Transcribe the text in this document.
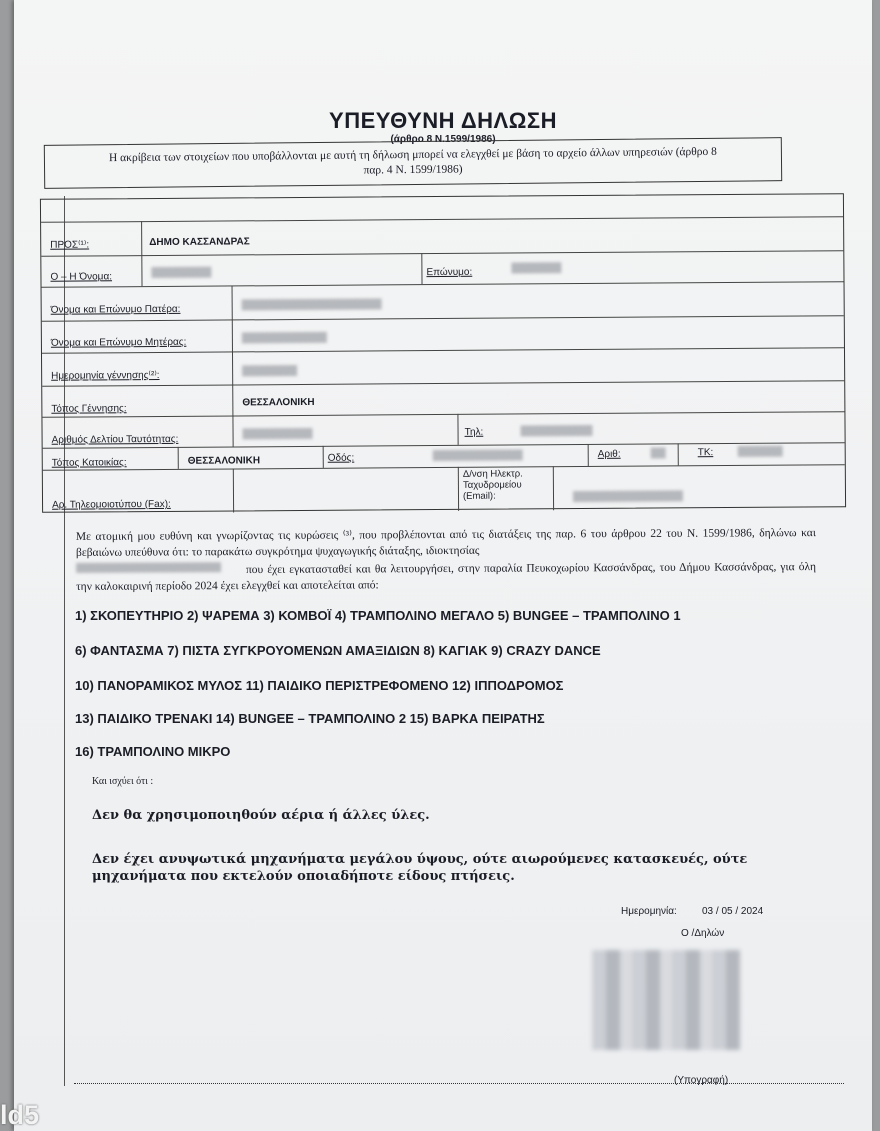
ΥΠΕΥΘΥΝΗ ΔΗΛΩΣΗ
(άρθρο 8 Ν.1599/1986)
Η ακρίβεια των στοιχείων που υποβάλλονται με αυτή τη δήλωση μπορεί να ελεγχθεί με βάση το αρχείο άλλων υπηρεσιών (άρθρο 8
παρ. 4 Ν. 1599/1986)
ΠΡΟΣ⁽¹⁾:	ΔΗΜΟ ΚΑΣΣΑΝΔΡΑΣ
Ο – Η Όνομα:	Επώνυμο:
Όνομα και Επώνυμο Πατέρα:
Όνομα και Επώνυμο Μητέρας:
Ημερομηνία γέννησης⁽²⁾:
Τόπος Γέννησης:
ΘΕΣΣΑΛΟΝΙΚΗ
Αριθμός Δελτίου Ταυτότητας:
Τηλ:
Τόπος Κατοικίας:	ΘΕΣΣΑΛΟΝΙΚΗ	Οδός:	Αριθ:	ΤΚ:
Αρ. Τηλεομοιοτύπου (Fax):
Δ/νση Ηλεκτρ.
Ταχυδρομείου
(Email):
Με ατομική μου ευθύνη και γνωρίζοντας τις κυρώσεις ⁽³⁾, που προβλέπονται από τις διατάξεις της παρ. 6 του άρθρου 22 του Ν. 1599/1986, δηλώνω και βεβαιώνω υπεύθυνα ότι: το παρακάτω συγκρότημα ψυχαγωγικής διάταξης, ιδιοκτησίας
που έχει εγκατασταθεί και θα λειτουργήσει, στην παραλία Πευκοχωρίου Κασσάνδρας, του Δήμου Κασσάνδρας, για όλη την καλοκαιρινή περίοδο 2024 έχει ελεγχθεί και αποτελείται από:
1) ΣΚΟΠΕΥΤΗΡΙΟ 2) ΨΑΡΕΜΑ 3) ΚΟΜΒΟΪ 4) ΤΡΑΜΠΟΛΙΝΟ ΜΕΓΑΛΟ 5) BUNGEE – ΤΡΑΜΠΟΛΙΝΟ 1
6) ΦΑΝΤΑΣΜΑ 7) ΠΙΣΤΑ ΣΥΓΚΡΟΥΟΜΕΝΩΝ ΑΜΑΞΙΔΙΩΝ 8) ΚΑΓΙΑΚ 9) CRAZY DANCE
10) ΠΑΝΟΡΑΜΙΚΟΣ ΜΥΛΟΣ 11) ΠΑΙΔΙΚΟ ΠΕΡΙΣΤΡΕΦΟΜΕΝΟ 12) ΙΠΠΟΔΡΟΜΟΣ
13) ΠΑΙΔΙΚΟ ΤΡΕΝΑΚΙ 14) BUNGEE – ΤΡΑΜΠΟΛΙΝΟ 2 15) ΒΑΡΚΑ ΠΕΙΡΑΤΗΣ
16) ΤΡΑΜΠΟΛΙΝΟ ΜΙΚΡΟ
Και ισχύει ότι :
Δεν θα χρησιμοποιηθούν αέρια ή άλλες ύλες.
Δεν έχει ανυψωτικά μηχανήματα μεγάλου ύψους, ούτε αιωρούμενες κατασκευές, ούτε
μηχανήματα που εκτελούν οποιαδήποτε είδους πτήσεις.
Ημερομηνία:	03 / 05 / 2024
Ο /Δηλών
(Υπογραφή)
ld5
